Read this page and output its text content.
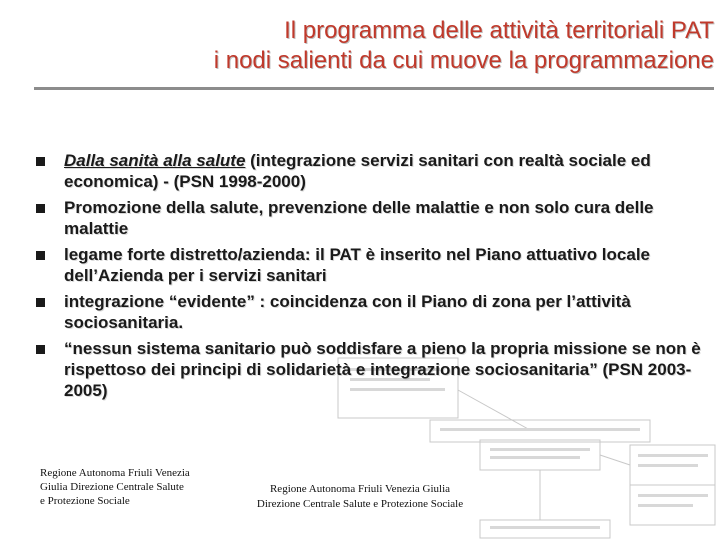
Il programma delle attività territoriali PAT
i nodi salienti da cui muove la programmazione
Dalla sanità alla salute (integrazione servizi sanitari con realtà sociale ed economica) - (PSN 1998-2000)
Promozione della salute, prevenzione delle malattie e non solo cura delle malattie
legame forte distretto/azienda: il PAT è inserito nel Piano attuativo locale dell’Azienda per i servizi sanitari
integrazione “evidente” : coincidenza con il Piano di zona per l’attività sociosanitaria.
“nessun sistema sanitario può soddisfare a pieno la propria missione se non è rispettoso dei principi di solidarietà e integrazione sociosanitaria” (PSN 2003-2005)
Regione Autonoma Friuli Venezia Giulia Direzione Centrale Salute e Protezione Sociale
Regione Autonoma Friuli Venezia Giulia Direzione Centrale Salute e Protezione Sociale
